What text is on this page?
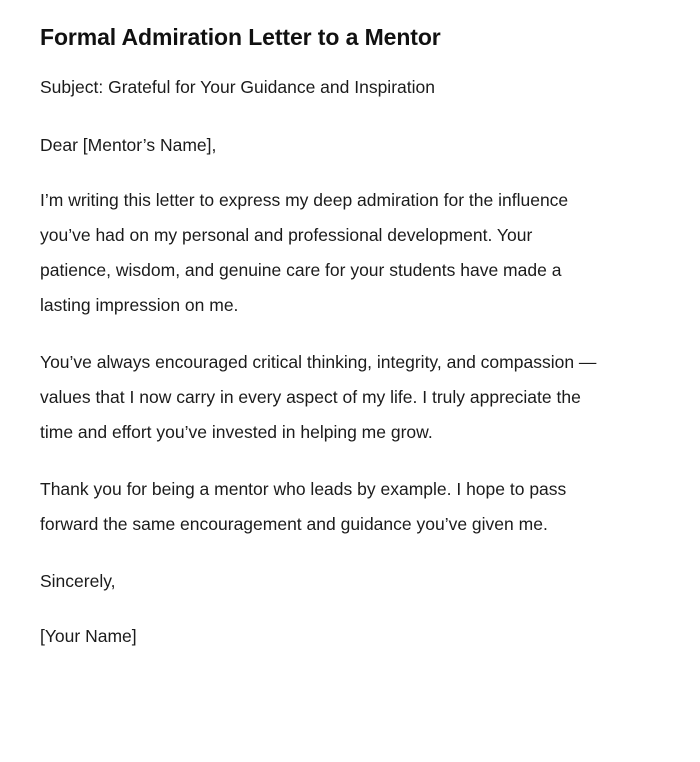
Formal Admiration Letter to a Mentor

Subject: Grateful for Your Guidance and Inspiration

Dear [Mentor’s Name],

I’m writing this letter to express my deep admiration for the influence you’ve had on my personal and professional development. Your patience, wisdom, and genuine care for your students have made a lasting impression on me.

You’ve always encouraged critical thinking, integrity, and compassion — values that I now carry in every aspect of my life. I truly appreciate the time and effort you’ve invested in helping me grow.

Thank you for being a mentor who leads by example. I hope to pass forward the same encouragement and guidance you’ve given me.

Sincerely,

[Your Name]
